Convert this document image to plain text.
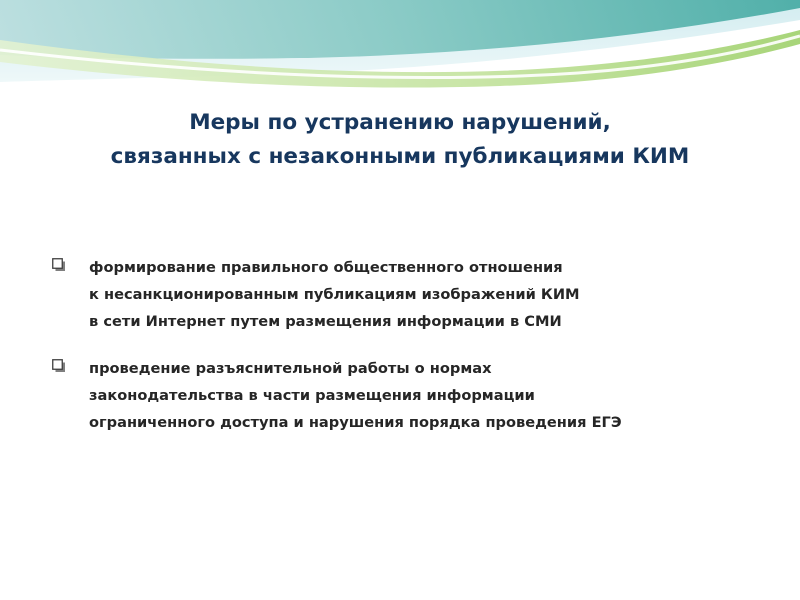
Меры по устранению нарушений,
связанных с незаконными публикациями КИМ
формирование правильного общественного отношения
к несанкционированным публикациям изображений КИМ
в сети Интернет путем размещения информации в СМИ
проведение разъяснительной работы о нормах
законодательства в части размещения информации
ограниченного доступа и нарушения порядка проведения ЕГЭ
